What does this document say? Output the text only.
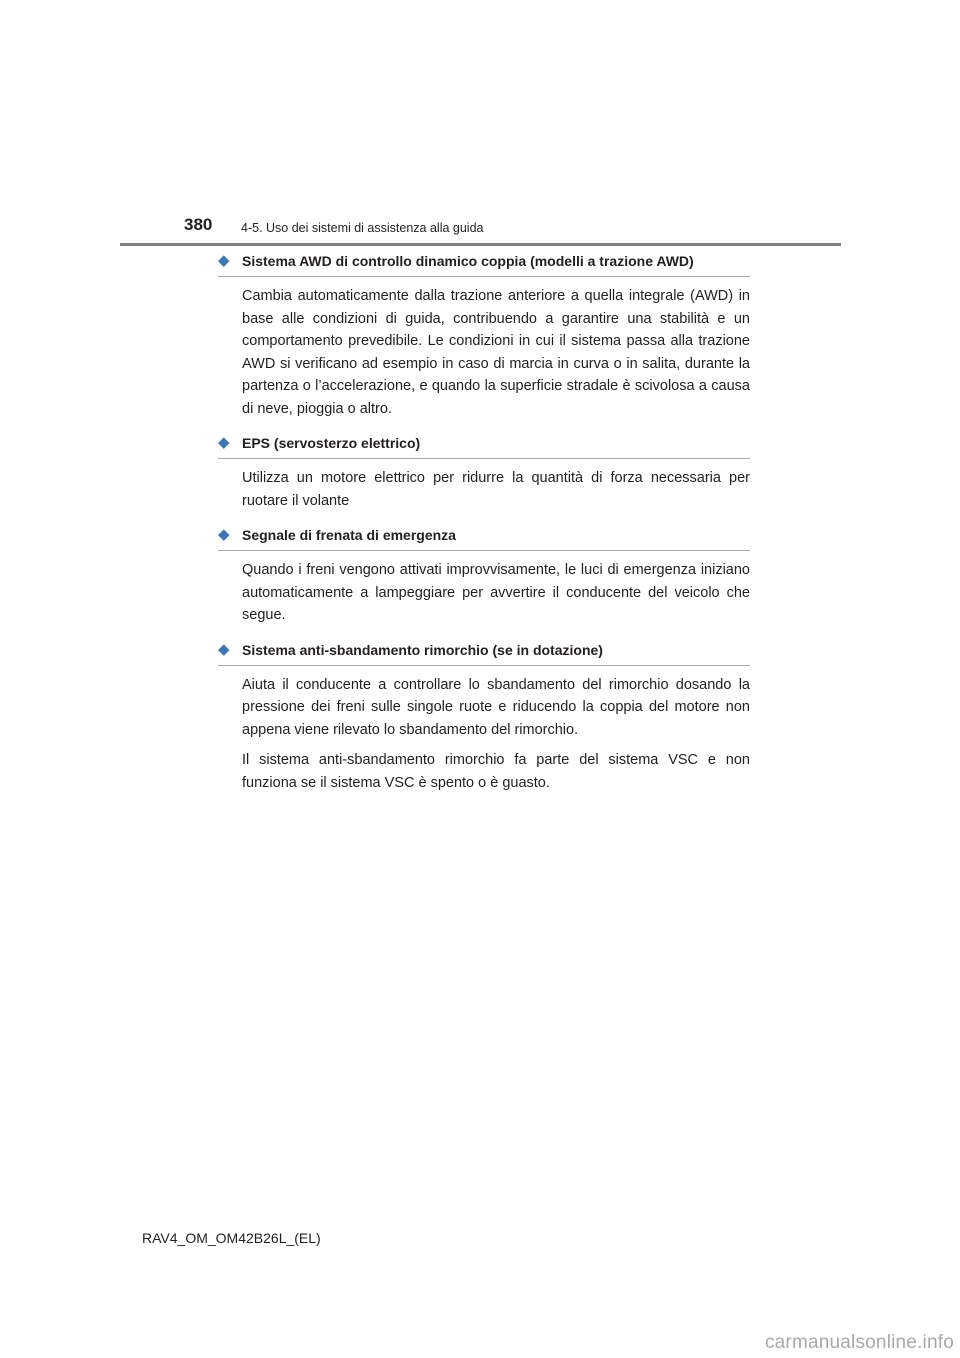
380 4-5. Uso dei sistemi di assistenza alla guida
◆ Sistema AWD di controllo dinamico coppia (modelli a trazione AWD)

Cambia automaticamente dalla trazione anteriore a quella integrale (AWD) in base alle condizioni di guida, contribuendo a garantire una stabilità e un comportamento prevedibile. Le condizioni in cui il sistema passa alla trazione AWD si verificano ad esempio in caso di marcia in curva o in salita, durante la partenza o l’accelerazione, e quando la superficie stradale è scivolosa a causa di neve, pioggia o altro.

◆ EPS (servosterzo elettrico)

Utilizza un motore elettrico per ridurre la quantità di forza necessaria per ruotare il volante

◆ Segnale di frenata di emergenza

Quando i freni vengono attivati improvvisamente, le luci di emergenza iniziano automaticamente a lampeggiare per avvertire il conducente del veicolo che segue.

◆ Sistema anti-sbandamento rimorchio (se in dotazione)

Aiuta il conducente a controllare lo sbandamento del rimorchio dosando la pressione dei freni sulle singole ruote e riducendo la coppia del motore non appena viene rilevato lo sbandamento del rimorchio.

Il sistema anti-sbandamento rimorchio fa parte del sistema VSC e non funziona se il sistema VSC è spento o è guasto.

RAV4_OM_OM42B26L_(EL)
carmanualsonline.info
